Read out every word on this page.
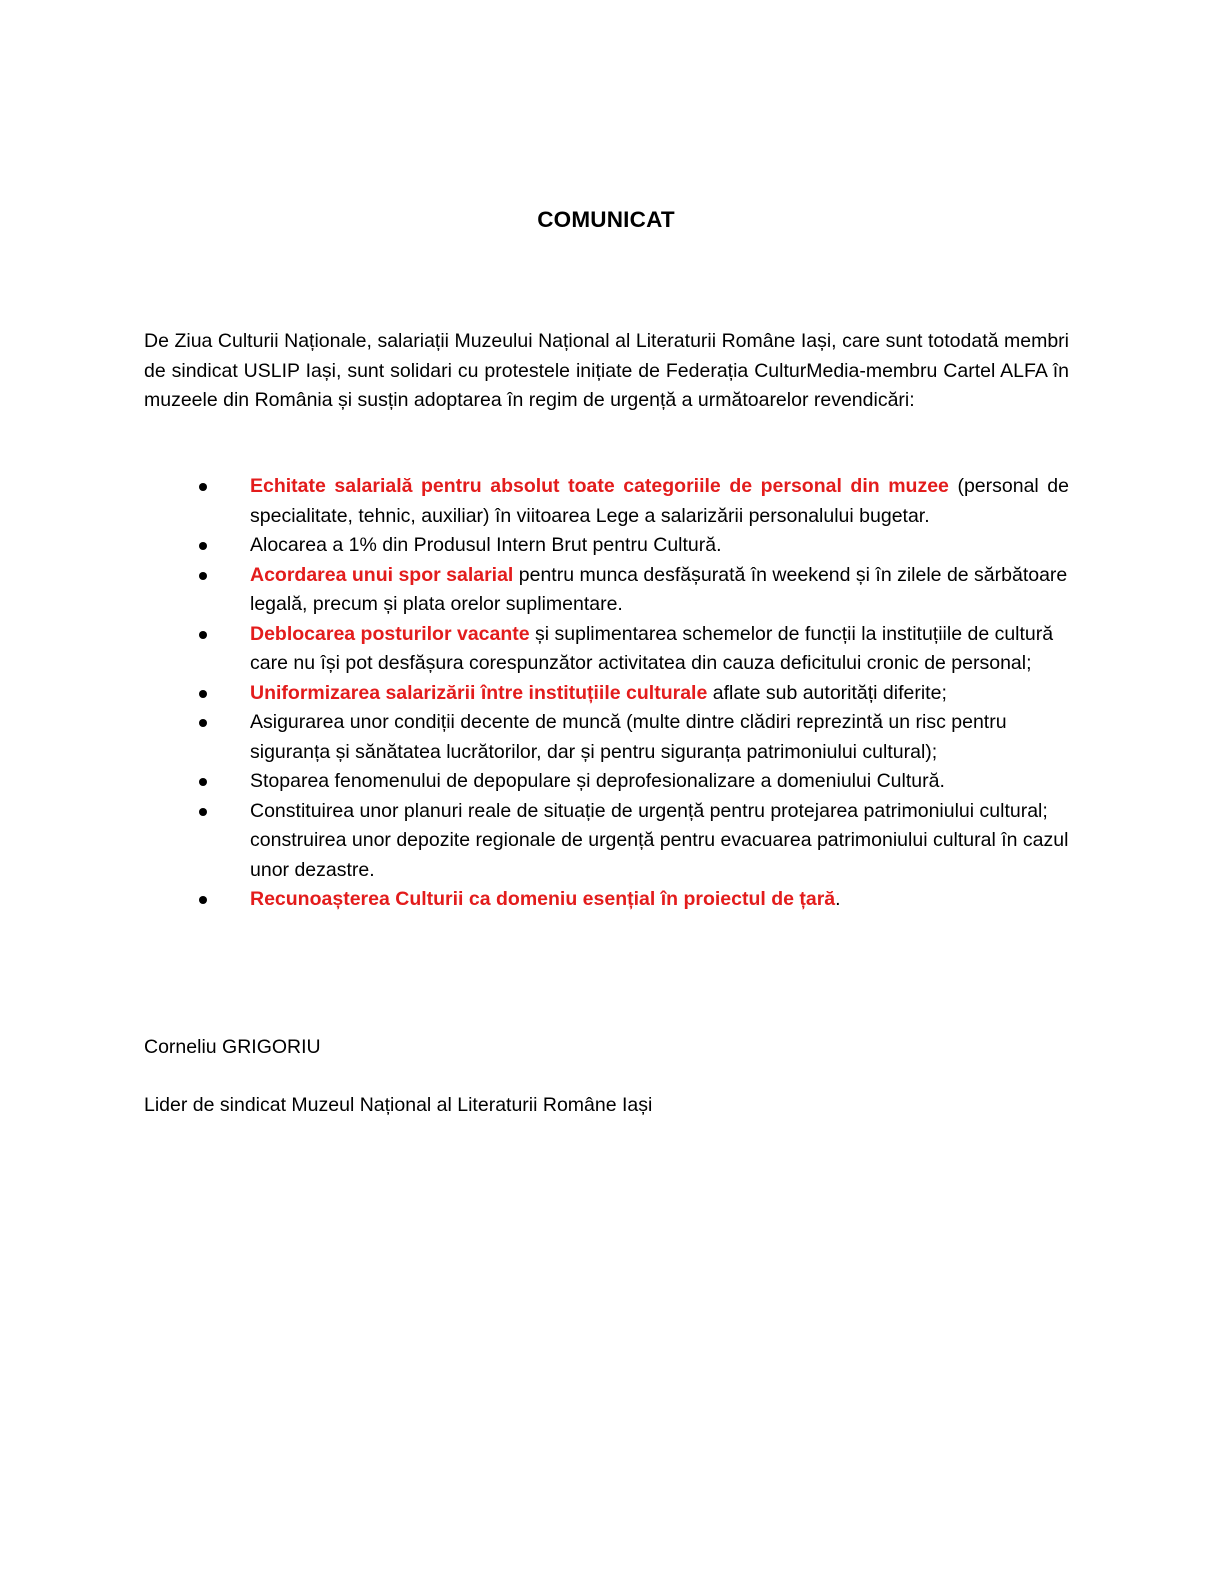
COMUNICAT

De Ziua Culturii Naționale, salariații Muzeului Național al Literaturii Române Iași, care sunt totodată membri de sindicat USLIP Iași, sunt solidari cu protestele inițiate de Federația CulturMedia-membru Cartel ALFA în muzeele din România și susțin adoptarea în regim de urgență a următoarelor revendicări:

Echitate salarială pentru absolut toate categoriile de personal din muzee (personal de specialitate, tehnic, auxiliar) în viitoarea Lege a salarizării personalului bugetar.
Alocarea a 1% din Produsul Intern Brut pentru Cultură.
Acordarea unui spor salarial pentru munca desfășurată în weekend și în zilele de sărbătoare legală, precum și plata orelor suplimentare.
Deblocarea posturilor vacante și suplimentarea schemelor de funcții la instituțiile de cultură care nu își pot desfășura corespunzător activitatea din cauza deficitului cronic de personal;
Uniformizarea salarizării între instituțiile culturale aflate sub autorități diferite;
Asigurarea unor condiții decente de muncă (multe dintre clădiri reprezintă un risc pentru siguranța și sănătatea lucrătorilor, dar și pentru siguranța patrimoniului cultural);
Stoparea fenomenului de depopulare și deprofesionalizare a domeniului Cultură.
Constituirea unor planuri reale de situație de urgență pentru protejarea patrimoniului cultural; construirea unor depozite regionale de urgență pentru evacuarea patrimoniului cultural în cazul unor dezastre.
Recunoașterea Culturii ca domeniu esențial în proiectul de țară.
Corneliu GRIGORIU
Lider de sindicat Muzeul Național al Literaturii Române Iași
